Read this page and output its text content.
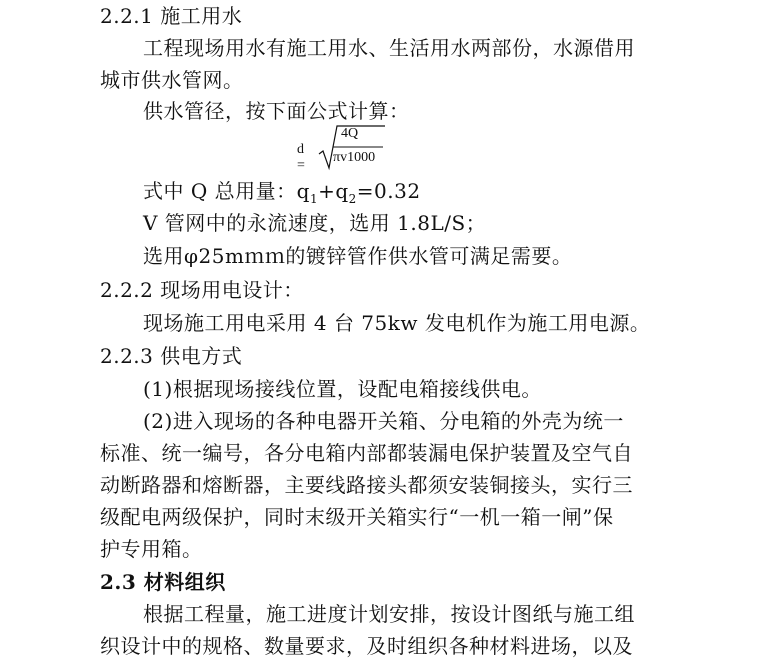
2.2.1 施工用水
工程现场用水有施工用水、生活用水两部份，水源借用
城市供水管网。
供水管径，按下面公式计算：
d =
4Q
πv1000
式中 Q 总用量：$q_1+q_2=0.32$
V 管网中的永流速度，选用 1.8L/S；
选用φ25mｍｍ的镀锌管作供水管可满足需要。
2.2.2 现场用电设计：
现场施工用电采用 4 台 75kw 发电机作为施工用电源。
2.2.3 供电方式
(1)根据现场接线位置，设配电箱接线供电。
(2)进入现场的各种电器开关箱、分电箱的外壳为统一
标准、统一编号，各分电箱内部都装漏电保护装置及空气自
动断路器和熔断器，主要线路接头都须安装铜接头，实行三
级配电两级保护，同时末级开关箱实行“一机一箱一闸”保
护专用箱。
2.3 材料组织
根据工程量，施工进度计划安排，按设计图纸与施工组
织设计中的规格、数量要求，及时组织各种材料进场，以及
